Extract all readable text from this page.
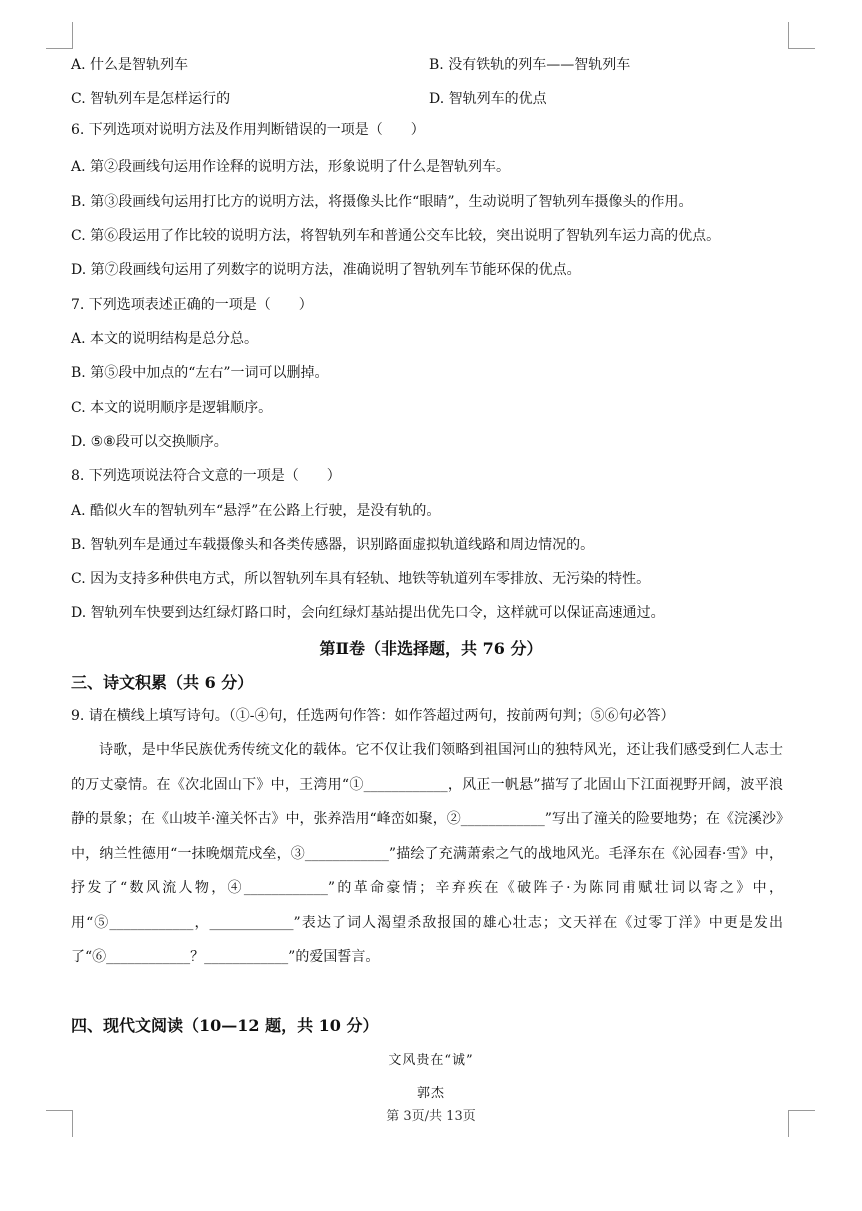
A. 什么是智轨列车	B. 没有铁轨的列车——智轨列车
C. 智轨列车是怎样运行的	D. 智轨列车的优点
6. 下列选项对说明方法及作用判断错误的一项是（　　）
A. 第②段画线句运用作诠释的说明方法，形象说明了什么是智轨列车。
B. 第③段画线句运用打比方的说明方法，将摄像头比作“眼睛”，生动说明了智轨列车摄像头的作用。
C. 第⑥段运用了作比较的说明方法，将智轨列车和普通公交车比较，突出说明了智轨列车运力高的优点。
D. 第⑦段画线句运用了列数字的说明方法，准确说明了智轨列车节能环保的优点。
7. 下列选项表述正确的一项是（　　）
A. 本文的说明结构是总分总。
B. 第⑤段中加点的“左右”一词可以删掉。
C. 本文的说明顺序是逻辑顺序。
D. ⑤⑧段可以交换顺序。
8. 下列选项说法符合文意的一项是（　　）
A. 酷似火车的智轨列车“悬浮”在公路上行驶，是没有轨的。
B. 智轨列车是通过车载摄像头和各类传感器，识别路面虚拟轨道线路和周边情况的。
C. 因为支持多种供电方式，所以智轨列车具有轻轨、地铁等轨道列车零排放、无污染的特性。
D. 智轨列车快要到达红绿灯路口时，会向红绿灯基站提出优先口令，这样就可以保证高速通过。
第Ⅱ卷（非选择题，共 76 分）
三、诗文积累（共 6 分）
9. 请在横线上填写诗句。（①-④句，任选两句作答：如作答超过两句，按前两句判；⑤⑥句必答）
诗歌，是中华民族优秀传统文化的载体。它不仅让我们领略到祖国河山的独特风光，还让我们感受到仁人志士的万丈豪情。在《次北固山下》中，王湾用“①____________，风正一帆悬”描写了北固山下江面视野开阔，波平浪静的景象；在《山坡羊·潼关怀古》中，张养浩用“峰峦如聚，②____________”写出了潼关的险要地势；在《浣溪沙》中，纳兰性德用“一抹晚烟荒戍垒，③____________”描绘了充满萧索之气的战地风光。毛泽东在《沁园春·雪》中，抒发了“数风流人物，④____________”的革命豪情；辛弃疾在《破阵子·为陈同甫赋壮词以寄之》中，用“⑤____________，____________”表达了词人渴望杀敌报国的雄心壮志；文天祥在《过零丁洋》中更是发出了“⑥____________？____________”的爱国誓言。
四、现代文阅读（10—12 题，共 10 分）
文风贵在“诚”
郭杰
第 3页/共 13页
